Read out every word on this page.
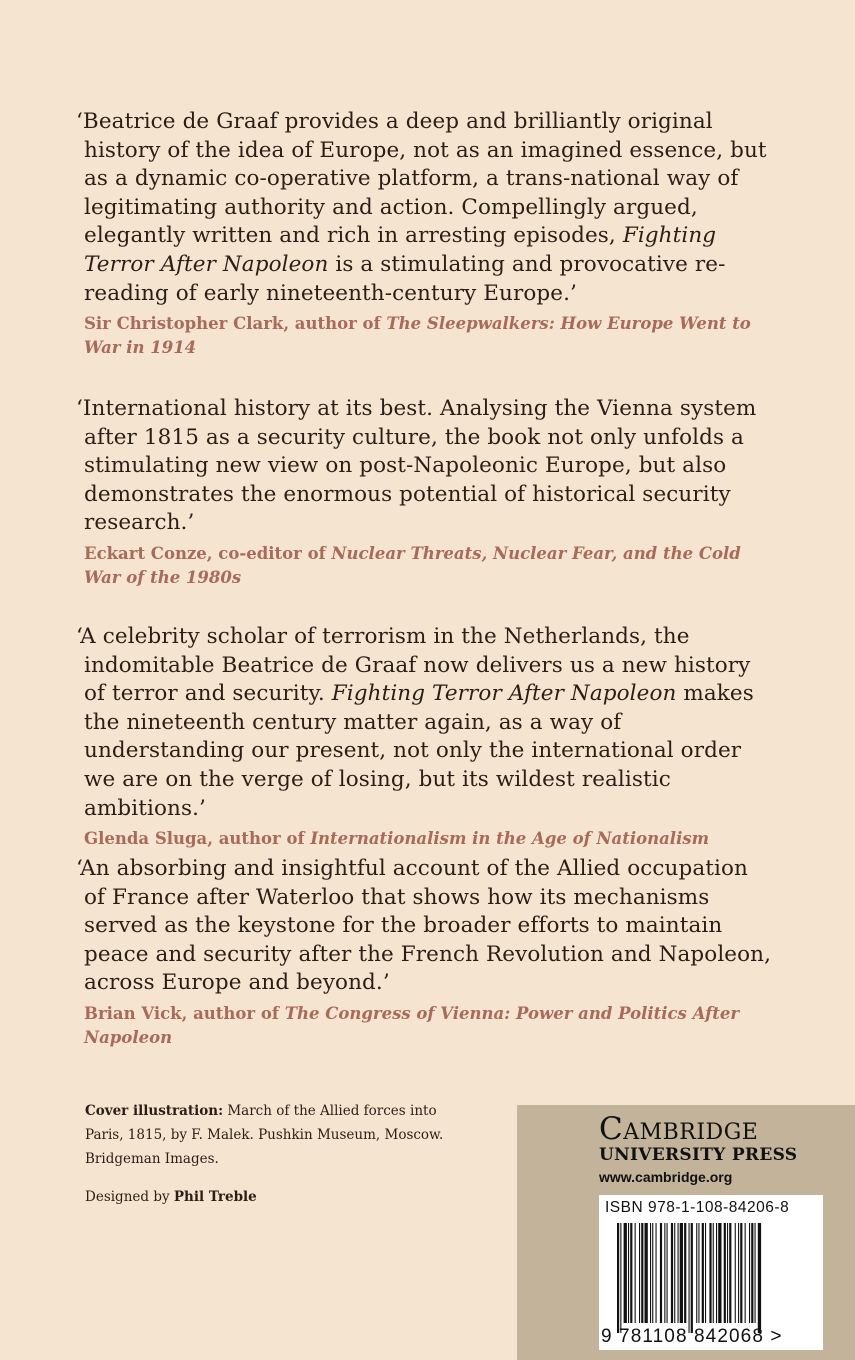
‘Beatrice de Graaf provides a deep and brilliantly original history of the idea of Europe, not as an imagined essence, but as a dynamic co-operative platform, a trans-national way of legitimating authority and action. Compellingly argued, elegantly written and rich in arresting episodes, Fighting Terror After Napoleon is a stimulating and provocative re-reading of early nineteenth-century Europe.’

Sir Christopher Clark, author of The Sleepwalkers: How Europe Went to War in 1914

‘International history at its best. Analysing the Vienna system after 1815 as a security culture, the book not only unfolds a stimulating new view on post-Napoleonic Europe, but also demonstrates the enormous potential of historical security research.’

Eckart Conze, co-editor of Nuclear Threats, Nuclear Fear, and the Cold War of the 1980s

‘A celebrity scholar of terrorism in the Netherlands, the indomitable Beatrice de Graaf now delivers us a new history of terror and security. Fighting Terror After Napoleon makes the nineteenth century matter again, as a way of understanding our present, not only the international order we are on the verge of losing, but its wildest realistic ambitions.’

Glenda Sluga, author of Internationalism in the Age of Nationalism

‘An absorbing and insightful account of the Allied occupation of France after Waterloo that shows how its mechanisms served as the keystone for the broader efforts to maintain peace and security after the French Revolution and Napoleon, across Europe and beyond.’

Brian Vick, author of The Congress of Vienna: Power and Politics After Napoleon
Cover illustration: March of the Allied forces into Paris, 1815, by F. Malek. Pushkin Museum, Moscow. Bridgeman Images.
Designed by Phil Treble
Cambridge
UNIVERSITY PRESS
www.cambridge.org
ISBN 978-1-108-84206-8
9 781108 842068 >
